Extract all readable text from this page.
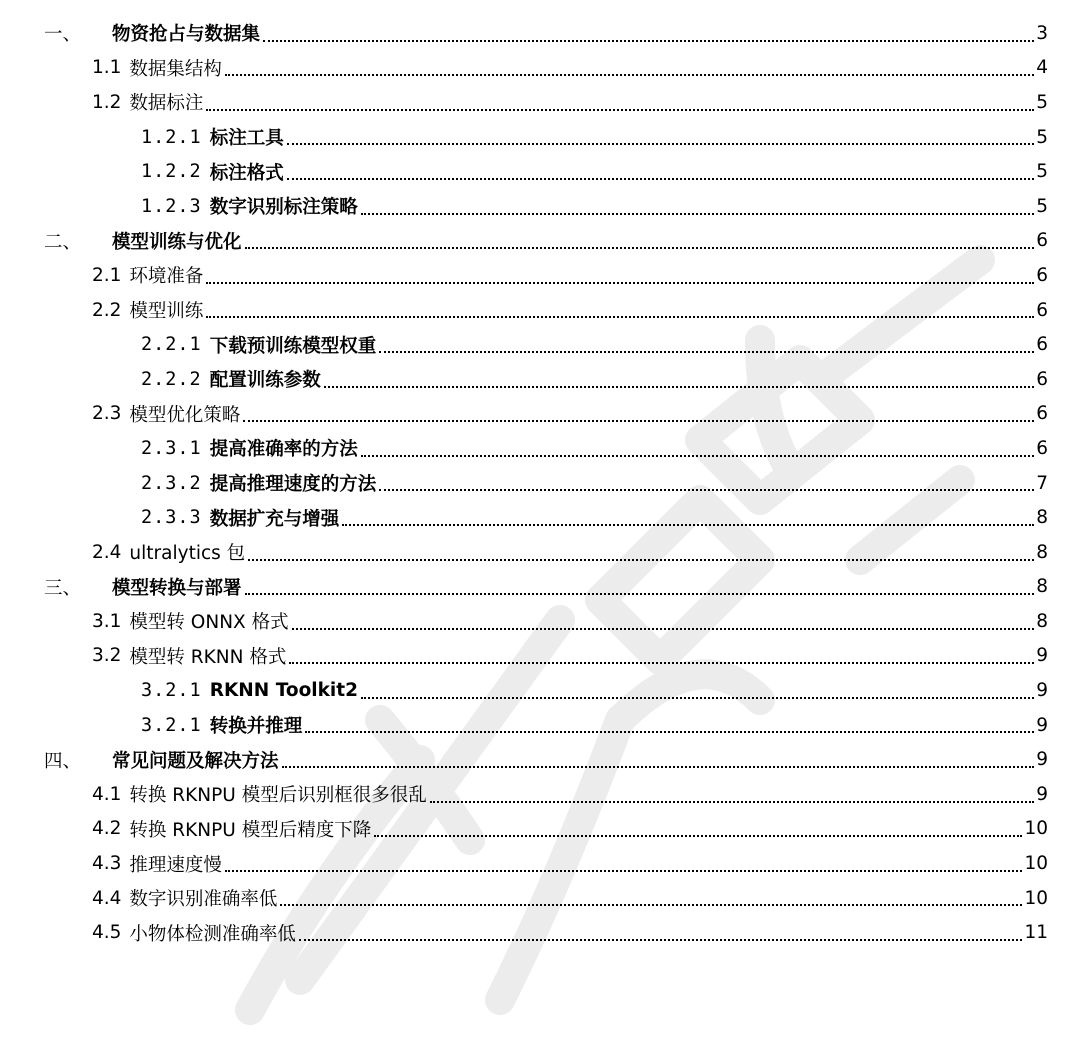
一、	物资抢占与数据集	3
1.1 数据集结构	4
1.2 数据标注	5
1.2.1 标注工具	5
1.2.2 标注格式	5
1.2.3 数字识别标注策略	5
二、	模型训练与优化	6
2.1 环境准备	6
2.2 模型训练	6
2.2.1 下载预训练模型权重	6
2.2.2 配置训练参数	6
2.3 模型优化策略	6
2.3.1 提高准确率的方法	6
2.3.2 提高推理速度的方法	7
2.3.3 数据扩充与增强	8
2.4 ultralytics 包	8
三、	模型转换与部署	8
3.1 模型转 ONNX 格式	8
3.2 模型转 RKNN 格式	9
3.2.1 RKNN Toolkit2	9
3.2.1 转换并推理	9
四、	常见问题及解决方法	9
4.1 转换 RKNPU 模型后识别框很多很乱	9
4.2 转换 RKNPU 模型后精度下降	10
4.3 推理速度慢	10
4.4 数字识别准确率低	10
4.5 小物体检测准确率低	11
